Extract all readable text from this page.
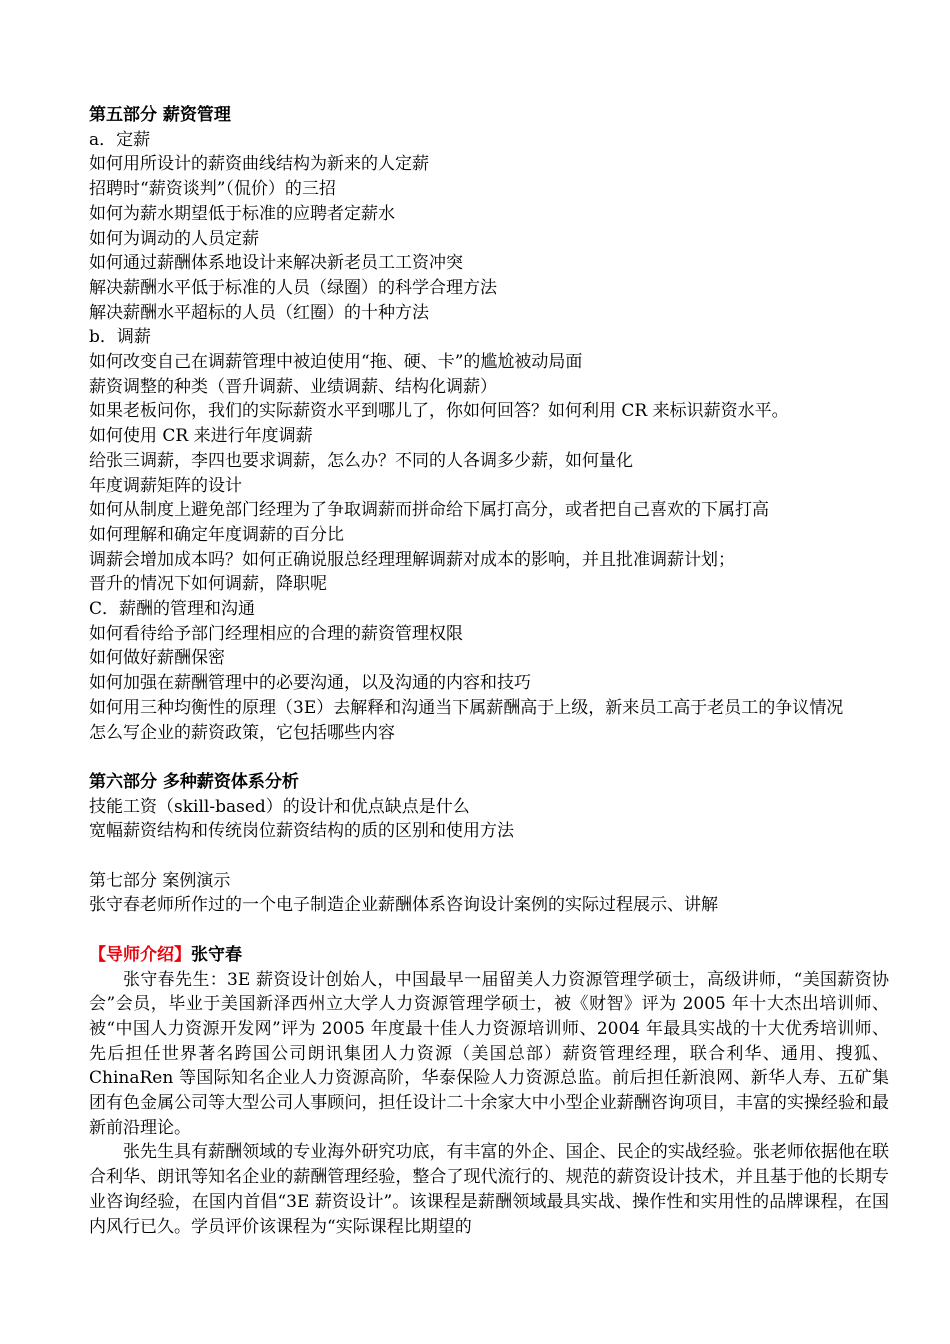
第五部分 薪资管理
a．定薪
如何用所设计的薪资曲线结构为新来的人定薪
招聘时“薪资谈判”（侃价）的三招
如何为薪水期望低于标准的应聘者定薪水
如何为调动的人员定薪
如何通过薪酬体系地设计来解决新老员工工资冲突
解决薪酬水平低于标准的人员（绿圈）的科学合理方法
解决薪酬水平超标的人员（红圈）的十种方法
b．调薪
如何改变自己在调薪管理中被迫使用“拖、硬、卡”的尴尬被动局面
薪资调整的种类（晋升调薪、业绩调薪、结构化调薪）
如果老板问你，我们的实际薪资水平到哪儿了，你如何回答？如何利用 CR 来标识薪资水平。
如何使用 CR 来进行年度调薪
给张三调薪，李四也要求调薪，怎么办？不同的人各调多少薪，如何量化
年度调薪矩阵的设计
如何从制度上避免部门经理为了争取调薪而拼命给下属打高分，或者把自己喜欢的下属打高
如何理解和确定年度调薪的百分比
调薪会增加成本吗？如何正确说服总经理理解调薪对成本的影响，并且批准调薪计划；
晋升的情况下如何调薪，降职呢
C．薪酬的管理和沟通
如何看待给予部门经理相应的合理的薪资管理权限
如何做好薪酬保密
如何加强在薪酬管理中的必要沟通，以及沟通的内容和技巧
如何用三种均衡性的原理（3E）去解释和沟通当下属薪酬高于上级，新来员工高于老员工的争议情况
怎么写企业的薪资政策，它包括哪些内容
第六部分 多种薪资体系分析
技能工资（skill-based）的设计和优点缺点是什么
宽幅薪资结构和传统岗位薪资结构的质的区别和使用方法
第七部分 案例演示
张守春老师所作过的一个电子制造企业薪酬体系咨询设计案例的实际过程展示、讲解
【导师介绍】张守春
张守春先生：3E 薪资设计创始人，中国最早一届留美人力资源管理学硕士，高级讲师，“美国薪资协会”会员，毕业于美国新泽西州立大学人力资源管理学硕士，被《财智》评为 2005 年十大杰出培训师、被“中国人力资源开发网”评为 2005 年度最十佳人力资源培训师、2004 年最具实战的十大优秀培训师、先后担任世界著名跨国公司朗讯集团人力资源（美国总部）薪资管理经理，联合利华、通用、搜狐、ChinaRen 等国际知名企业人力资源高阶，华泰保险人力资源总监。前后担任新浪网、新华人寿、五矿集团有色金属公司等大型公司人事顾问，担任设计二十余家大中小型企业薪酬咨询项目，丰富的实操经验和最新前沿理论。
张先生具有薪酬领域的专业海外研究功底，有丰富的外企、国企、民企的实战经验。张老师依据他在联合利华、朗讯等知名企业的薪酬管理经验，整合了现代流行的、规范的薪资设计技术，并且基于他的长期专业咨询经验，在国内首倡“3E 薪资设计”。该课程是薪酬领域最具实战、操作性和实用性的品牌课程，在国内风行已久。学员评价该课程为“实际课程比期望的
